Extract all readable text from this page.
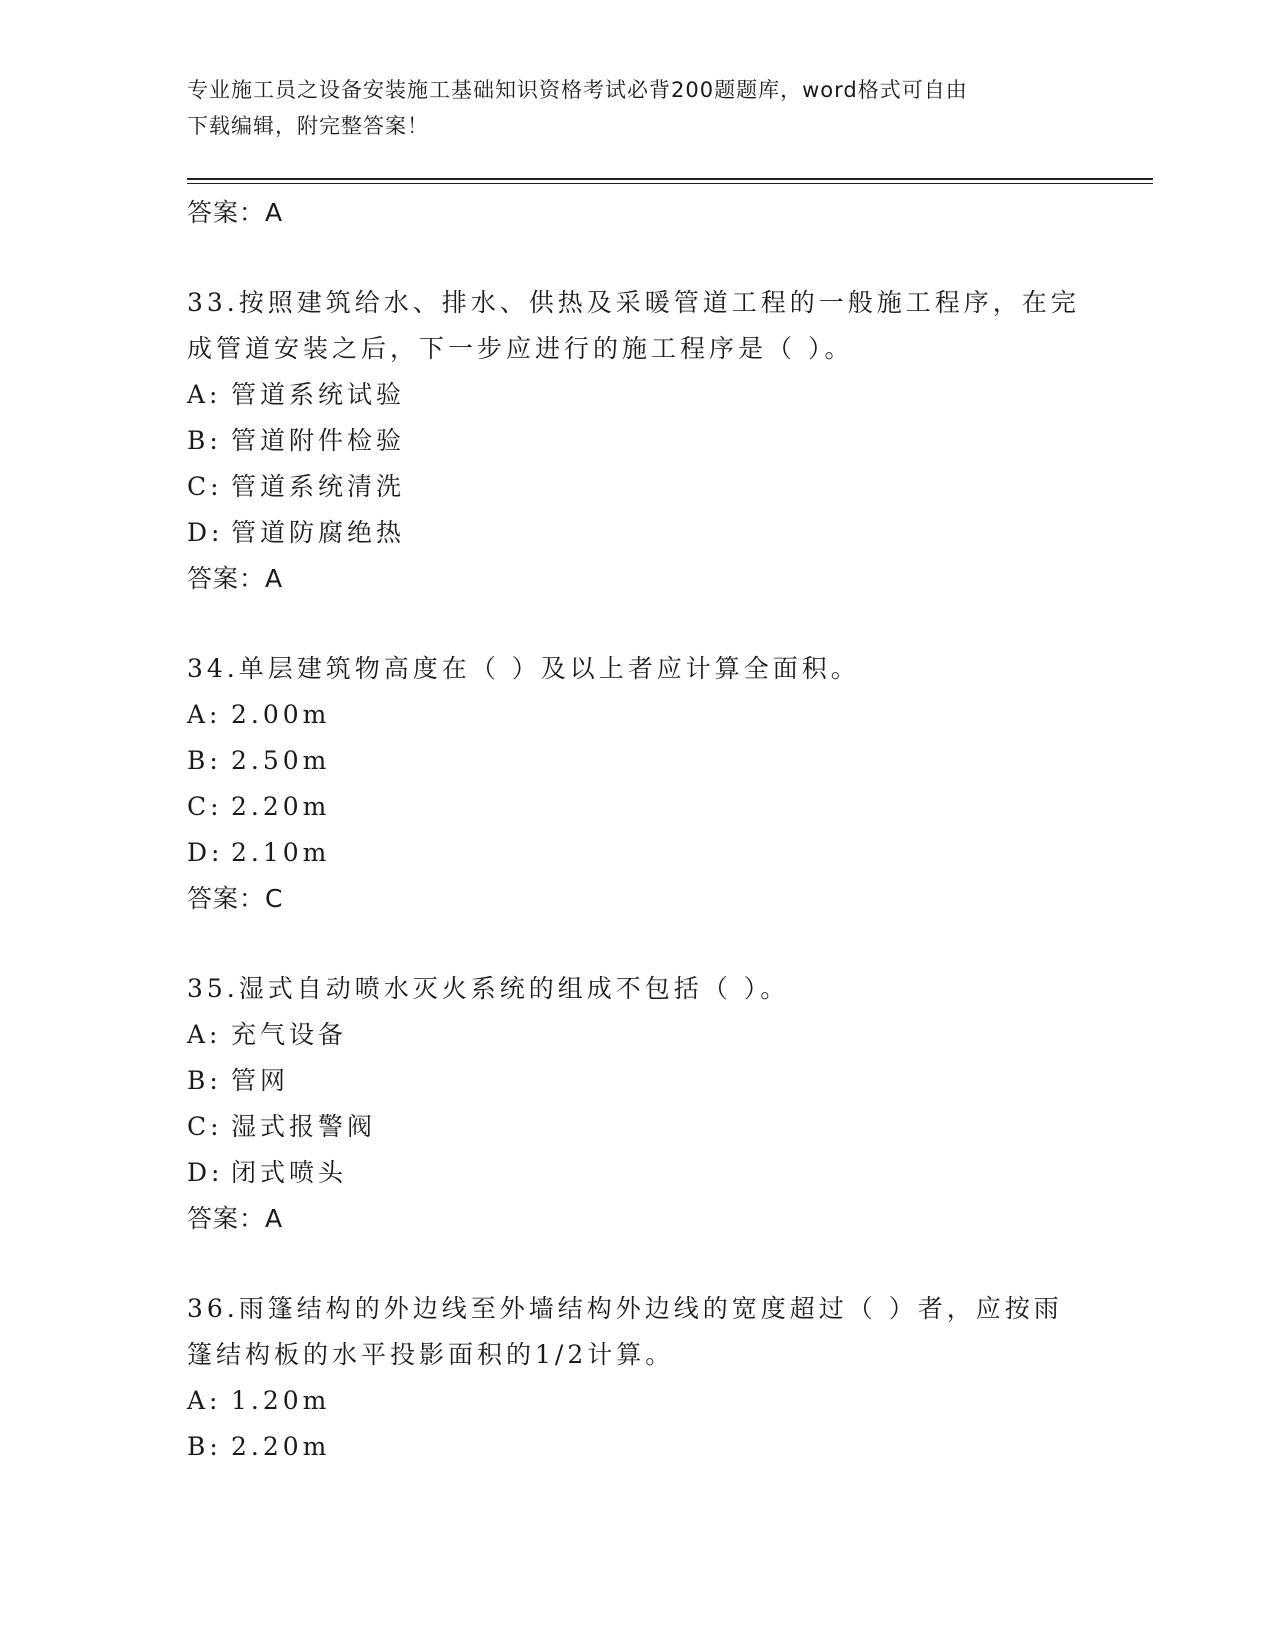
专业施工员之设备安装施工基础知识资格考试必背200题题库，word格式可自由
下载编辑，附完整答案！
答案：A
33.按照建筑给水、排水、供热及采暖管道工程的一般施工程序，在完
成管道安装之后，下一步应进行的施工程序是（ ）。
A: 管道系统试验
B: 管道附件检验
C: 管道系统清洗
D: 管道防腐绝热
答案：A
34.单层建筑物高度在（ ）及以上者应计算全面积。
A: 2.00m
B: 2.50m
C: 2.20m
D: 2.10m
答案：C
35.湿式自动喷水灭火系统的组成不包括（ ）。
A: 充气设备
B: 管网
C: 湿式报警阀
D: 闭式喷头
答案：A
36.雨篷结构的外边线至外墙结构外边线的宽度超过（ ）者，应按雨
篷结构板的水平投影面积的1/2计算。
A: 1.20m
B: 2.20m
